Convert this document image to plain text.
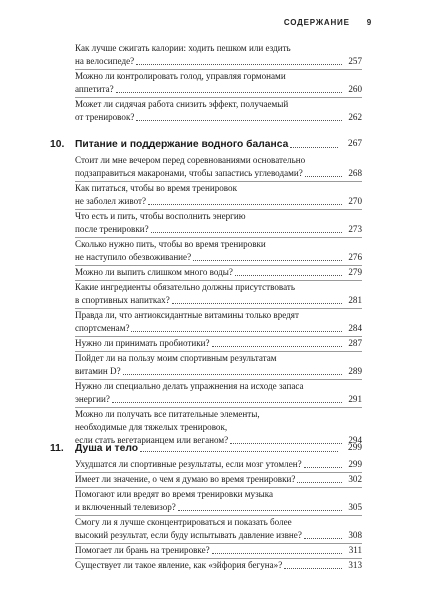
СОДЕРЖАНИЕ 9
Как лучше сжигать калории: ходить пешком или ездить
на велосипеде?	257
Можно ли контролировать голод, управляя гормонами
аппетита?	260
Может ли сидячая работа снизить эффект, получаемый
от тренировок?	262
10.	Питание и поддержание водного баланса	267
Стоит ли мне вечером перед соревнованиями основательно
подзаправиться макаронами, чтобы запастись углеводами?	268
Как питаться, чтобы во время тренировок
не заболел живот?	270
Что есть и пить, чтобы восполнить энергию
после тренировки?	273
Сколько нужно пить, чтобы во время тренировки
не наступило обезвоживание?	276
Можно ли выпить слишком много воды?	279
Какие ингредиенты обязательно должны присутствовать
в спортивных напитках?	281
Правда ли, что антиоксидантные витамины только вредят
спортсменам?	284
Нужно ли принимать пробиотики?	287
Пойдет ли на пользу моим спортивным результатам
витамин D?	289
Нужно ли специально делать упражнения на исходе запаса
энергии?	291
Можно ли получать все питательные элементы,
необходимые для тяжелых тренировок,
если стать вегетарианцем или веганом?	294
11.	Душа и тело	299
Ухудшатся ли спортивные результаты, если мозг утомлен?	299
Имеет ли значение, о чем я думаю во время тренировки?	302
Помогают или вредят во время тренировки музыка
и включенный телевизор?	305
Смогу ли я лучше сконцентрироваться и показать более
высокий результат, если буду испытывать давление извне?	308
Помогает ли брань на тренировке?	311
Существует ли такое явление, как «эйфория бегуна»?	313
